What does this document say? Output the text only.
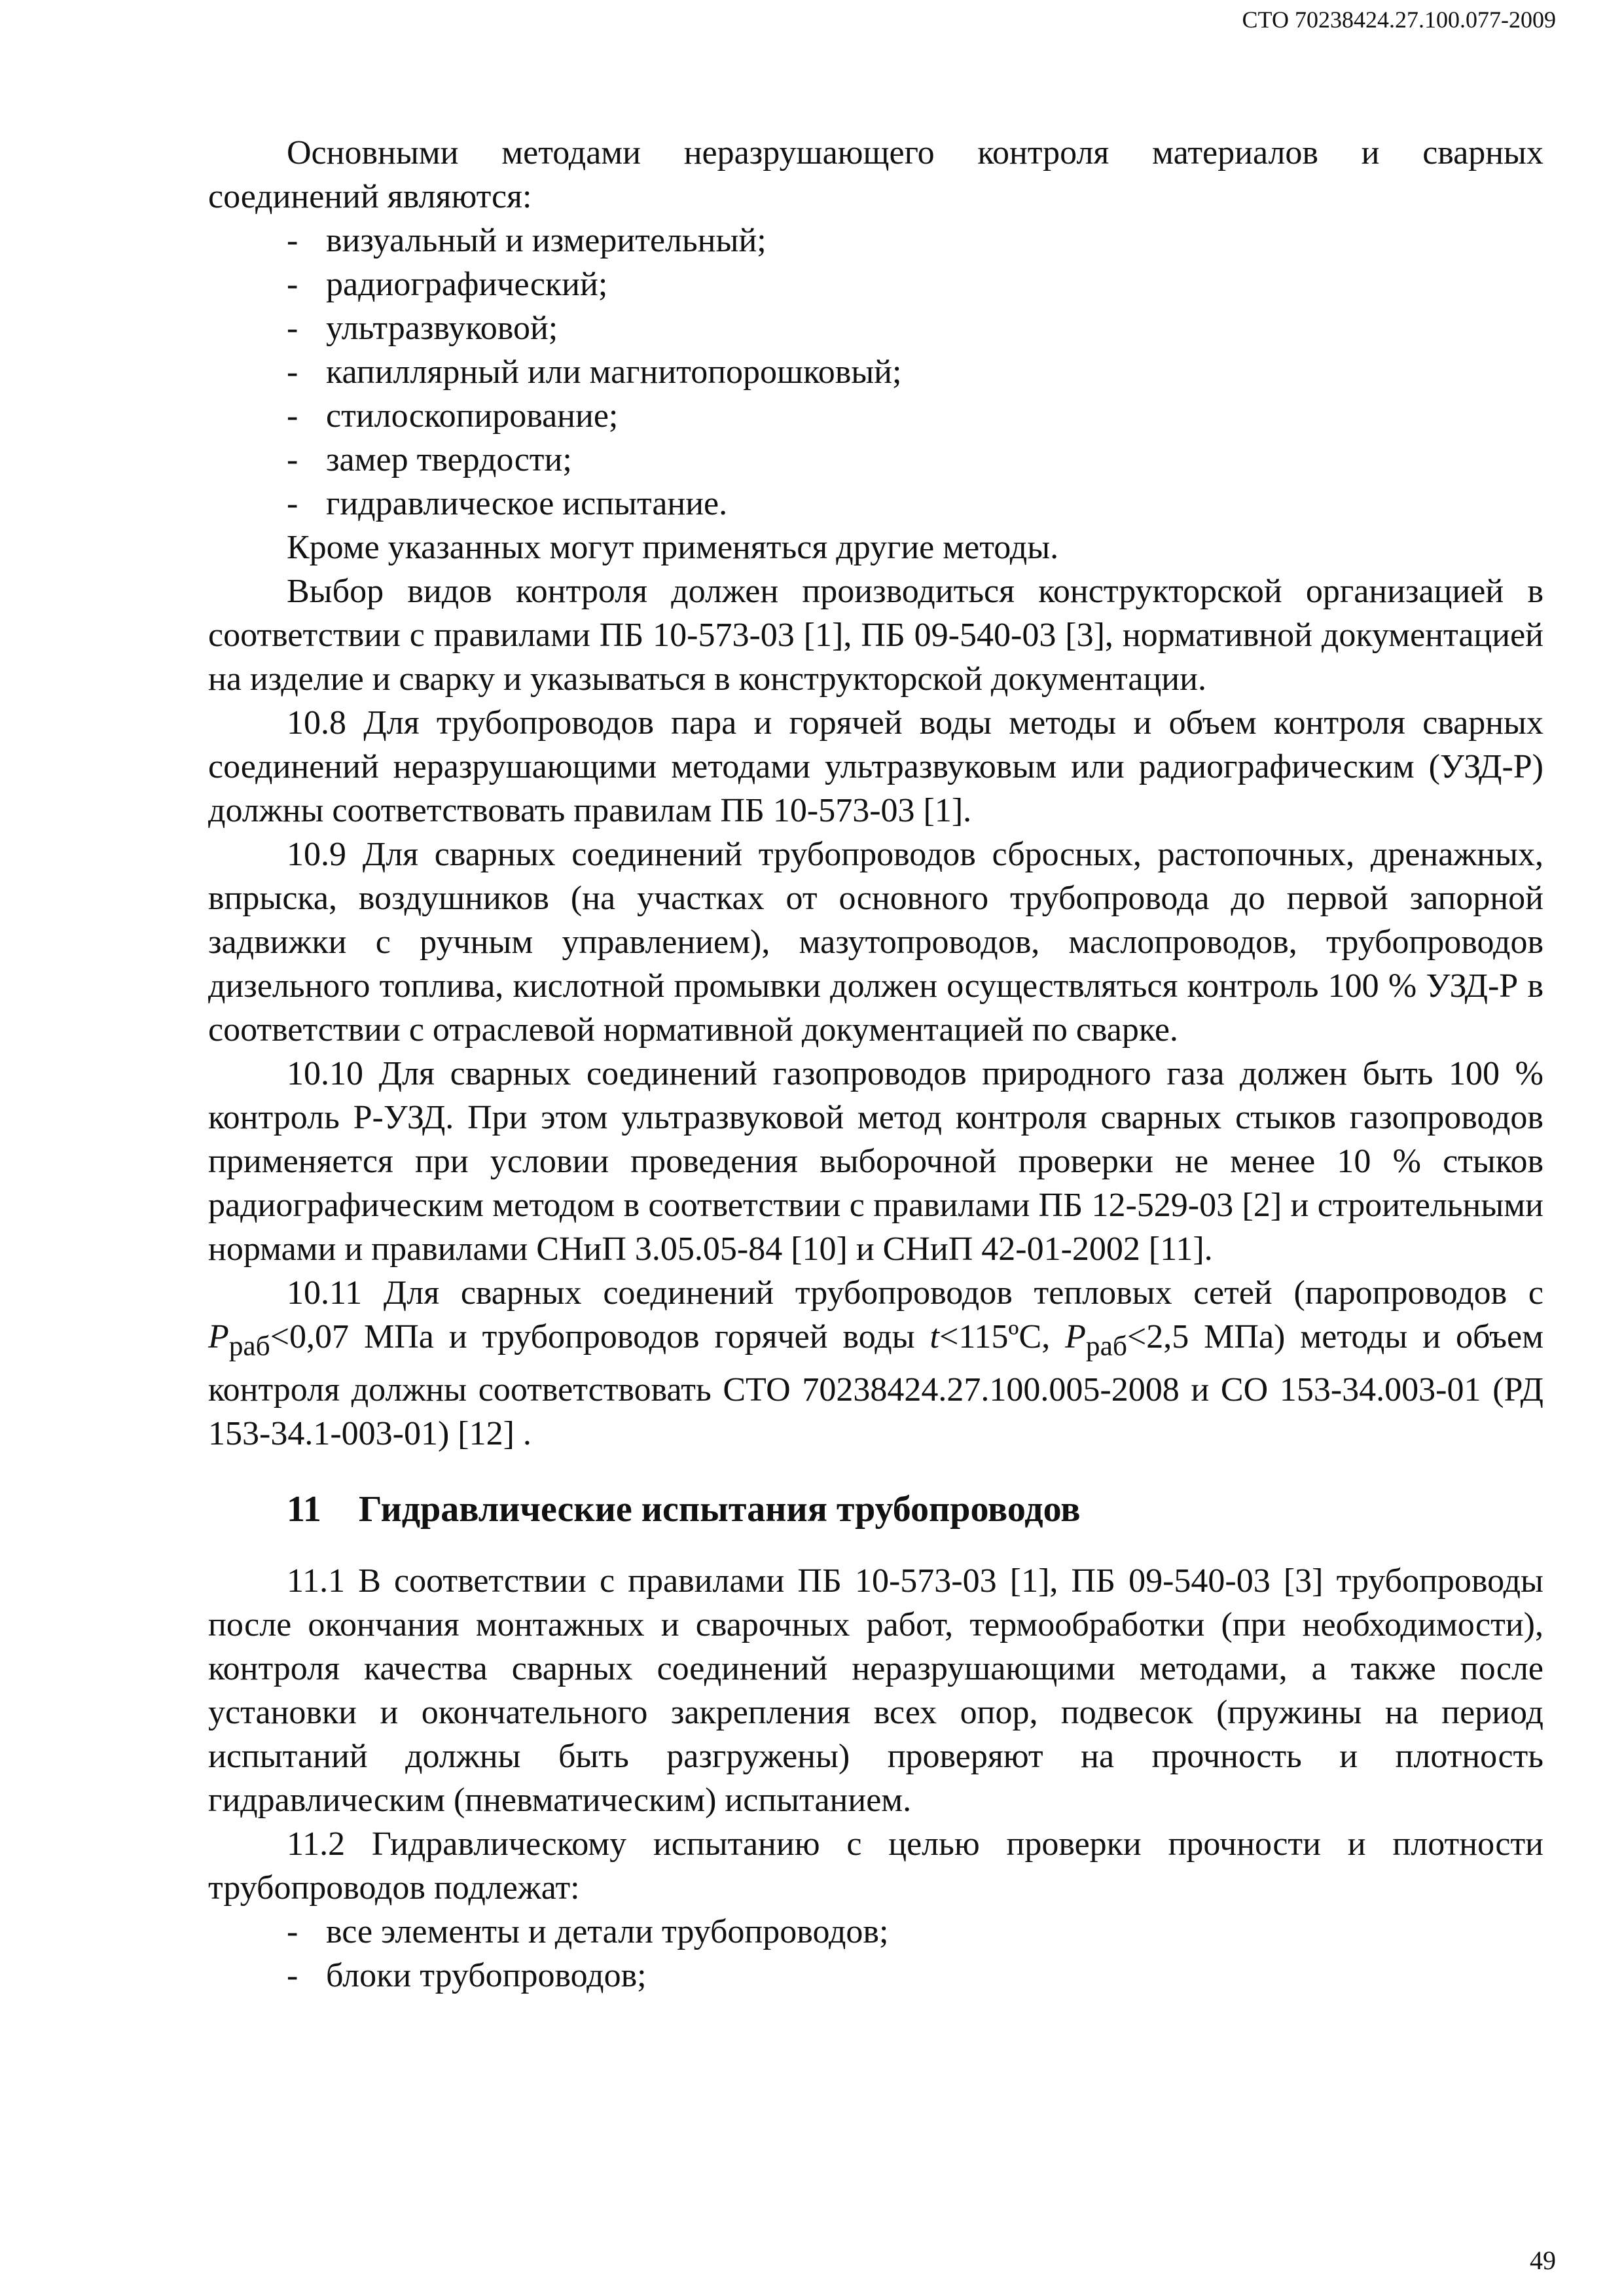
СТО 70238424.27.100.077-2009

Основными методами неразрушающего контроля материалов и сварных

соединений являются:

- визуальный и измерительный;

- радиографический;

- ультразвуковой;

- капиллярный или магнитопорошковый;

- стилоскопирование;

- замер твердости;

- гидравлическое испытание.

Кроме указанных могут применяться другие методы.

Выбор видов контроля должен производиться конструкторской организацией в соответствии с правилами ПБ 10-573-03 [1], ПБ 09-540-03 [3], нормативной документацией на изделие и сварку и указываться в конструкторской документации.

10.8 Для трубопроводов пара и горячей воды методы и объем контроля сварных соединений неразрушающими методами ультразвуковым или радиографическим (УЗД-Р) должны соответствовать правилам ПБ 10-573-03 [1].

10.9 Для сварных соединений трубопроводов сбросных, растопочных, дренажных, впрыска, воздушников (на участках от основного трубопровода до первой запорной задвижки с ручным управлением), мазутопроводов, маслопроводов, трубопроводов дизельного топлива, кислотной промывки должен осуществляться контроль 100 % УЗД-Р в соответствии с отраслевой нормативной документацией по сварке.

10.10 Для сварных соединений газопроводов природного газа должен быть 100 % контроль Р-УЗД. При этом ультразвуковой метод контроля сварных стыков газопроводов применяется при условии проведения выборочной проверки не менее 10 % стыков радиографическим методом в соответствии с правилами ПБ 12-529-03 [2] и строительными нормами и правилами СНиП 3.05.05-84 [10] и СНиП 42-01-2002 [11].

10.11 Для сварных соединений трубопроводов тепловых сетей (паропроводов с $P_{раб}<0,07$ МПа и трубопроводов горячей воды t<115ºС, $P_{раб}<2,5$ МПа) методы и объем контроля должны соответствовать СТО 70238424.27.100.005-2008 и СО 153-34.003-01 (РД 153-34.1-003-01) [12] .

11 Гидравлические испытания трубопроводов

11.1 В соответствии с правилами ПБ 10-573-03 [1], ПБ 09-540-03 [3] трубопроводы после окончания монтажных и сварочных работ, термообработки (при необходимости), контроля качества сварных соединений неразрушающими методами, а также после установки и окончательного закрепления всех опор, подвесок (пружины на период испытаний должны быть разгружены) проверяют на прочность и плотность гидравлическим (пневматическим) испытанием.

11.2 Гидравлическому испытанию с целью проверки прочности и плотности трубопроводов подлежат:

- все элементы и детали трубопроводов;

- блоки трубопроводов;

49
